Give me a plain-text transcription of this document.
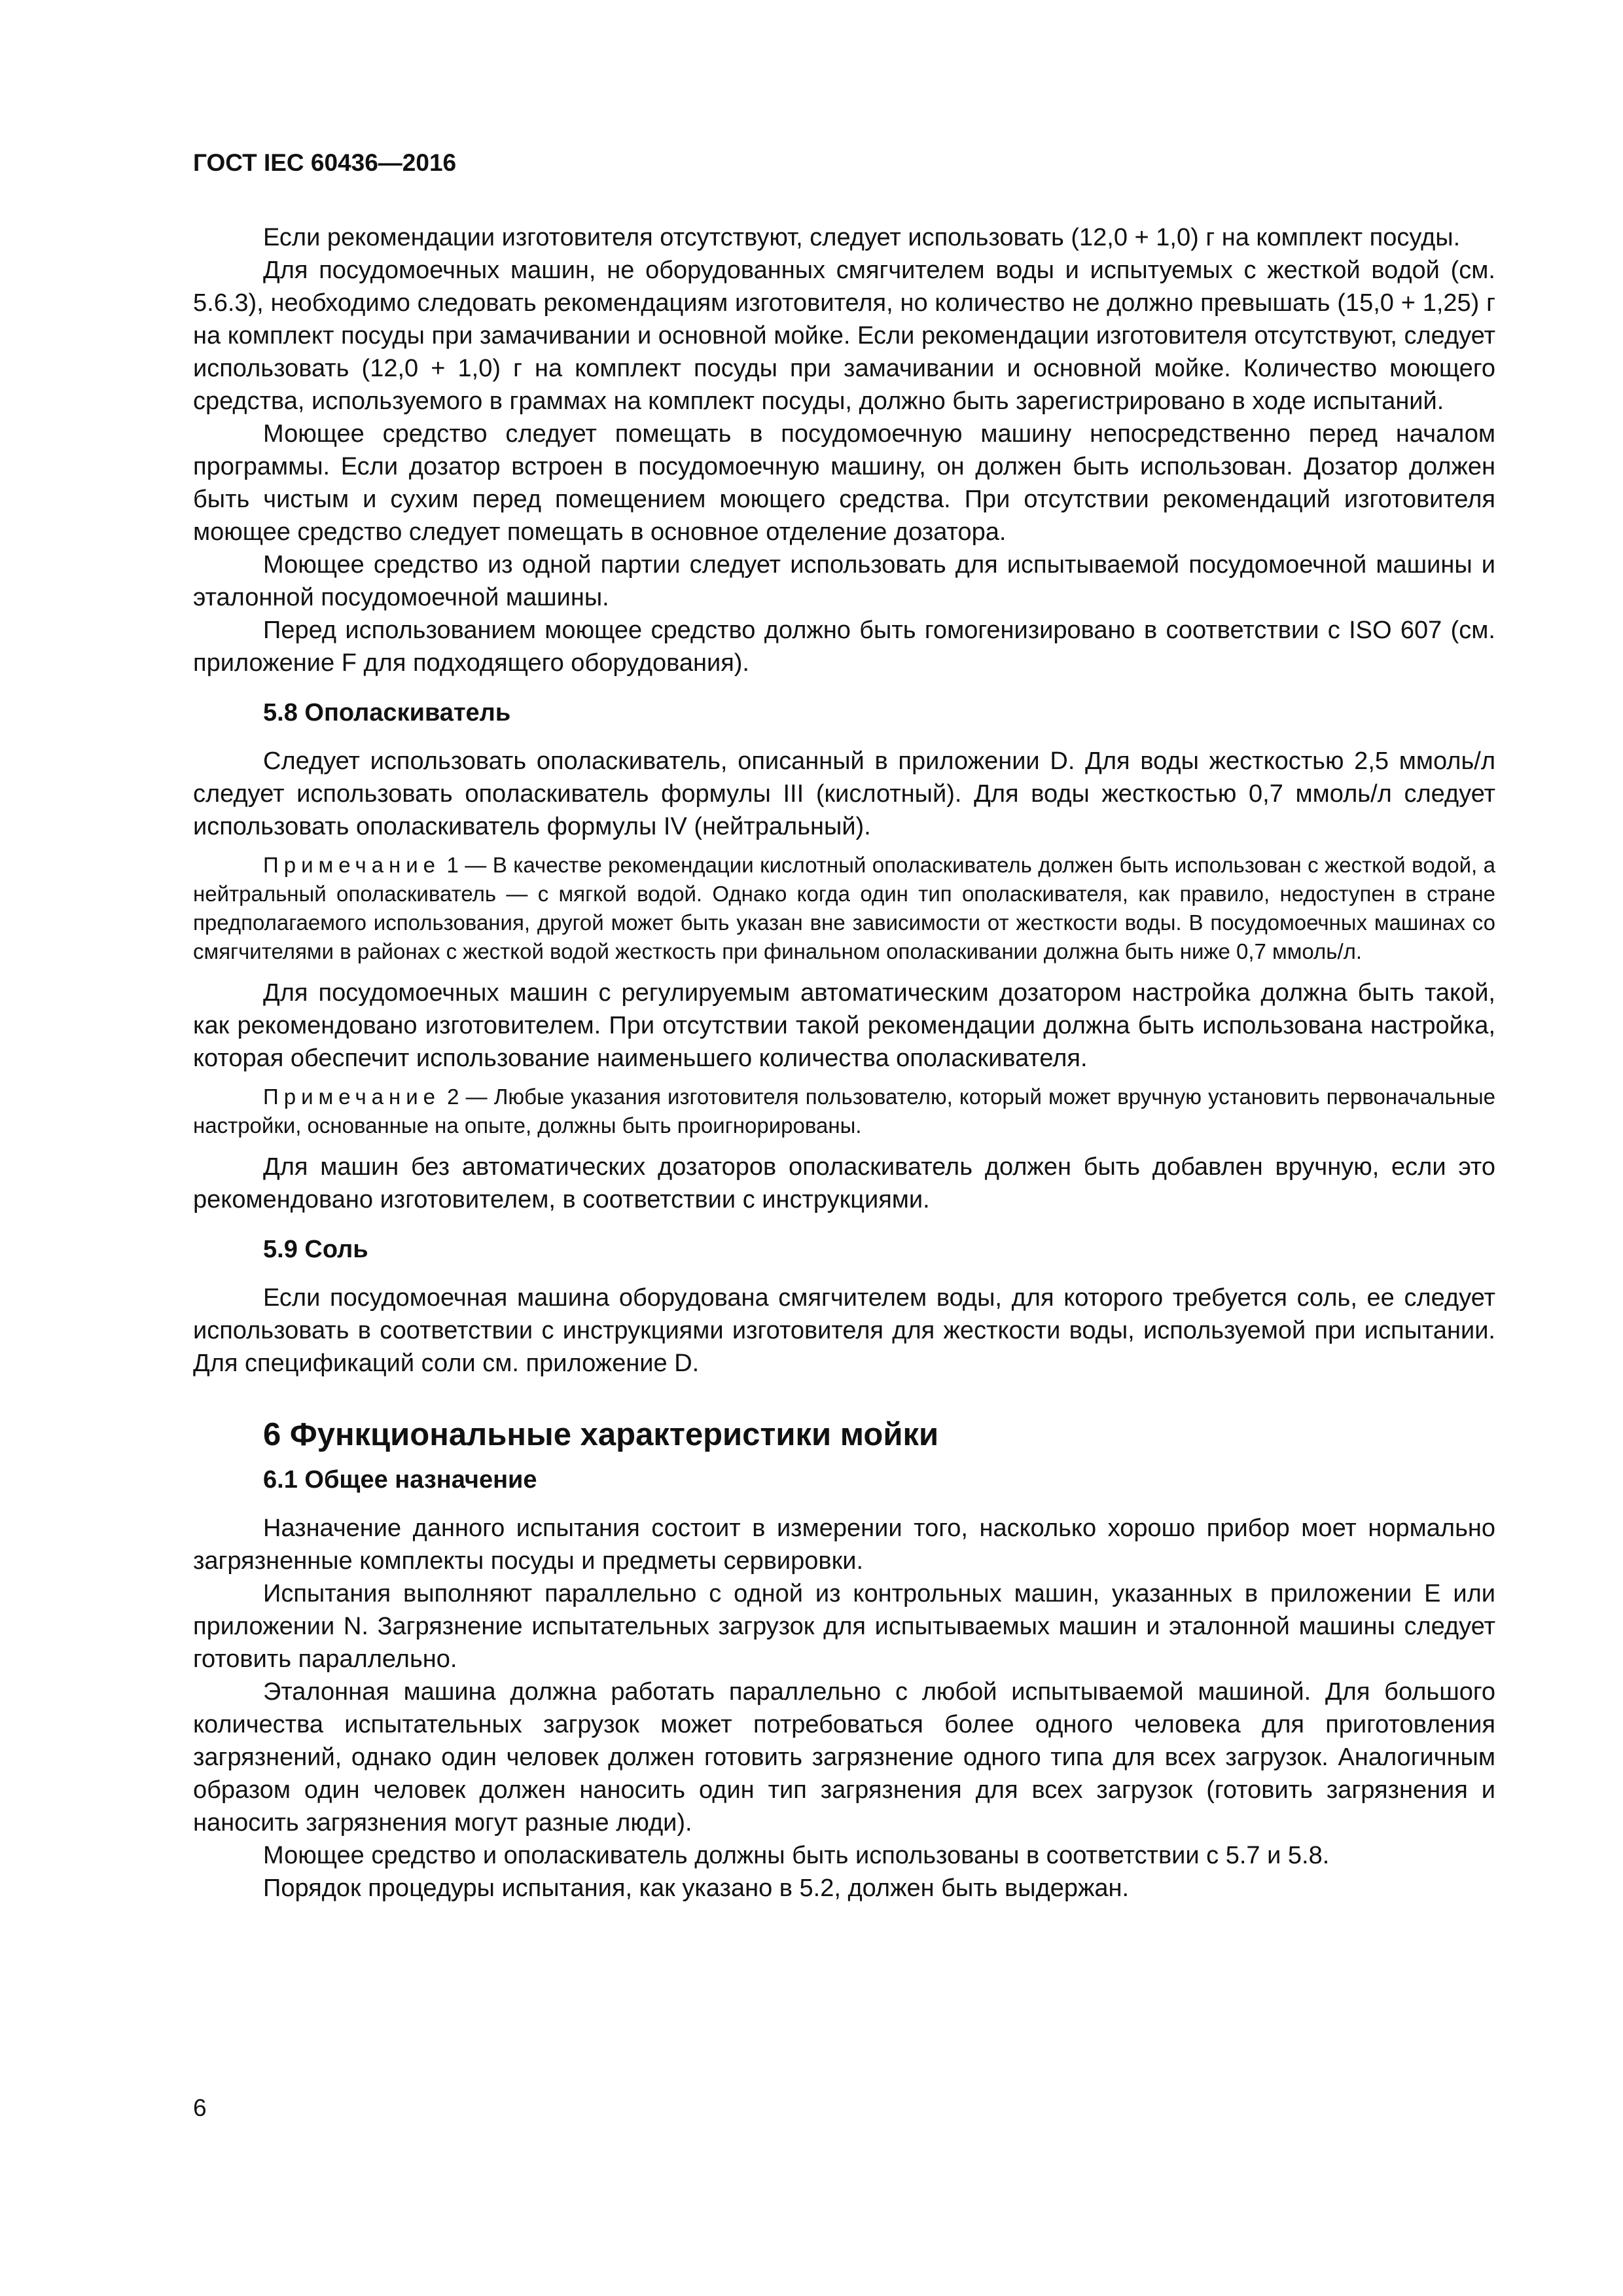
ГОСТ IEC 60436—2016

Если рекомендации изготовителя отсутствуют, следует использовать (12,0 + 1,0) г на комплект посуды.

Для посудомоечных машин, не оборудованных смягчителем воды и испытуемых с жесткой водой (см. 5.6.3), необходимо следовать рекомендациям изготовителя, но количество не должно превышать (15,0 + 1,25) г на комплект посуды при замачивании и основной мойке. Если рекомендации изготовителя отсутствуют, следует использовать (12,0 + 1,0) г на комплект посуды при замачивании и основной мойке. Количество моющего средства, используемого в граммах на комплект посуды, должно быть зарегистрировано в ходе испытаний.

Моющее средство следует помещать в посудомоечную машину непосредственно перед началом программы. Если дозатор встроен в посудомоечную машину, он должен быть использован. Дозатор должен быть чистым и сухим перед помещением моющего средства. При отсутствии рекомендаций изготовителя моющее средство следует помещать в основное отделение дозатора.

Моющее средство из одной партии следует использовать для испытываемой посудомоечной машины и эталонной посудомоечной машины.

Перед использованием моющее средство должно быть гомогенизировано в соответствии с ISO 607 (см. приложение F для подходящего оборудования).

5.8 Ополаскиватель

Следует использовать ополаскиватель, описанный в приложении D. Для воды жесткостью 2,5 ммоль/л следует использовать ополаскиватель формулы III (кислотный). Для воды жесткостью 0,7 ммоль/л следует использовать ополаскиватель формулы IV (нейтральный).

Примечание 1 — В качестве рекомендации кислотный ополаскиватель должен быть использован с жесткой водой, а нейтральный ополаскиватель — с мягкой водой. Однако когда один тип ополаскивателя, как правило, недоступен в стране предполагаемого использования, другой может быть указан вне зависимости от жесткости воды. В посудомоечных машинах со смягчителями в районах с жесткой водой жесткость при финальном ополаскивании должна быть ниже 0,7 ммоль/л.

Для посудомоечных машин с регулируемым автоматическим дозатором настройка должна быть такой, как рекомендовано изготовителем. При отсутствии такой рекомендации должна быть использована настройка, которая обеспечит использование наименьшего количества ополаскивателя.

Примечание 2 — Любые указания изготовителя пользователю, который может вручную установить первоначальные настройки, основанные на опыте, должны быть проигнорированы.

Для машин без автоматических дозаторов ополаскиватель должен быть добавлен вручную, если это рекомендовано изготовителем, в соответствии с инструкциями.

5.9 Соль

Если посудомоечная машина оборудована смягчителем воды, для которого требуется соль, ее следует использовать в соответствии с инструкциями изготовителя для жесткости воды, используемой при испытании. Для спецификаций соли см. приложение D.

6 Функциональные характеристики мойки

6.1 Общее назначение

Назначение данного испытания состоит в измерении того, насколько хорошо прибор моет нормально загрязненные комплекты посуды и предметы сервировки.

Испытания выполняют параллельно с одной из контрольных машин, указанных в приложении Е или приложении N. Загрязнение испытательных загрузок для испытываемых машин и эталонной машины следует готовить параллельно.

Эталонная машина должна работать параллельно с любой испытываемой машиной. Для большого количества испытательных загрузок может потребоваться более одного человека для приготовления загрязнений, однако один человек должен готовить загрязнение одного типа для всех загрузок. Аналогичным образом один человек должен наносить один тип загрязнения для всех загрузок (готовить загрязнения и наносить загрязнения могут разные люди).

Моющее средство и ополаскиватель должны быть использованы в соответствии с 5.7 и 5.8.

Порядок процедуры испытания, как указано в 5.2, должен быть выдержан.

6
